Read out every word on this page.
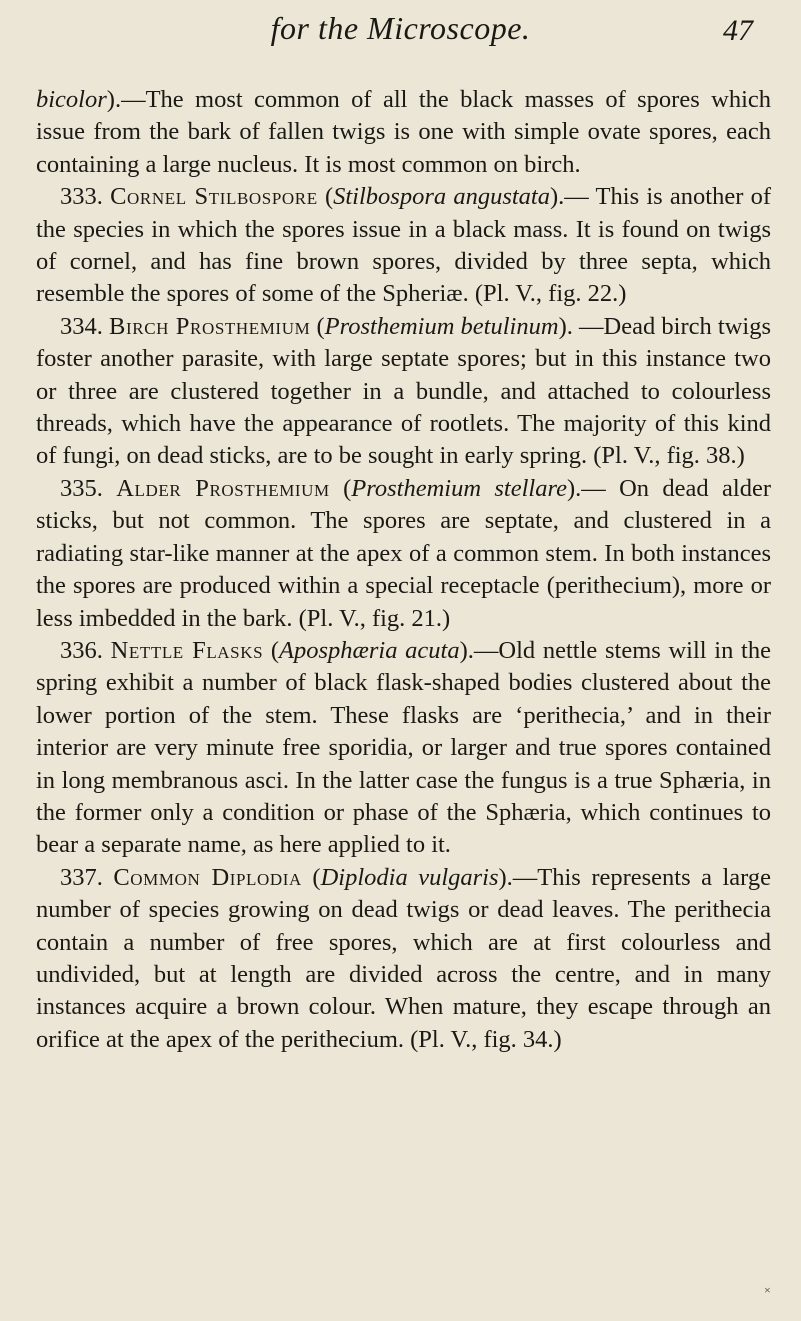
for the Microscope.	47

bicolor).—The most common of all the black masses of spores which issue from the bark of fallen twigs is one with simple ovate spores, each containing a large nucleus. It is most common on birch.

333. Cornel Stilbospore (Stilbospora angustata).— This is another of the species in which the spores issue in a black mass. It is found on twigs of cornel, and has fine brown spores, divided by three septa, which resemble the spores of some of the Spheriæ. (Pl. V., fig. 22.)

334. Birch Prosthemium (Prosthemium betulinum). —Dead birch twigs foster another parasite, with large septate spores; but in this instance two or three are clustered together in a bundle, and attached to colourless threads, which have the appearance of rootlets. The majority of this kind of fungi, on dead sticks, are to be sought in early spring. (Pl. V., fig. 38.)

335. Alder Prosthemium (Prosthemium stellare).— On dead alder sticks, but not common. The spores are septate, and clustered in a radiating star-like manner at the apex of a common stem. In both instances the spores are produced within a special receptacle (perithecium), more or less imbedded in the bark. (Pl. V., fig. 21.)

336. Nettle Flasks (Aposphæria acuta).—Old nettle stems will in the spring exhibit a number of black flask-shaped bodies clustered about the lower portion of the stem. These flasks are ‘perithecia,’ and in their interior are very minute free sporidia, or larger and true spores contained in long membranous asci. In the latter case the fungus is a true Sphæria, in the former only a condition or phase of the Sphæria, which continues to bear a separate name, as here applied to it.

337. Common Diplodia (Diplodia vulgaris).—This represents a large number of species growing on dead twigs or dead leaves. The perithecia contain a number of free spores, which are at first colourless and undivided, but at length are divided across the centre, and in many instances acquire a brown colour. When mature, they escape through an orifice at the apex of the perithecium. (Pl. V., fig. 34.)

×
